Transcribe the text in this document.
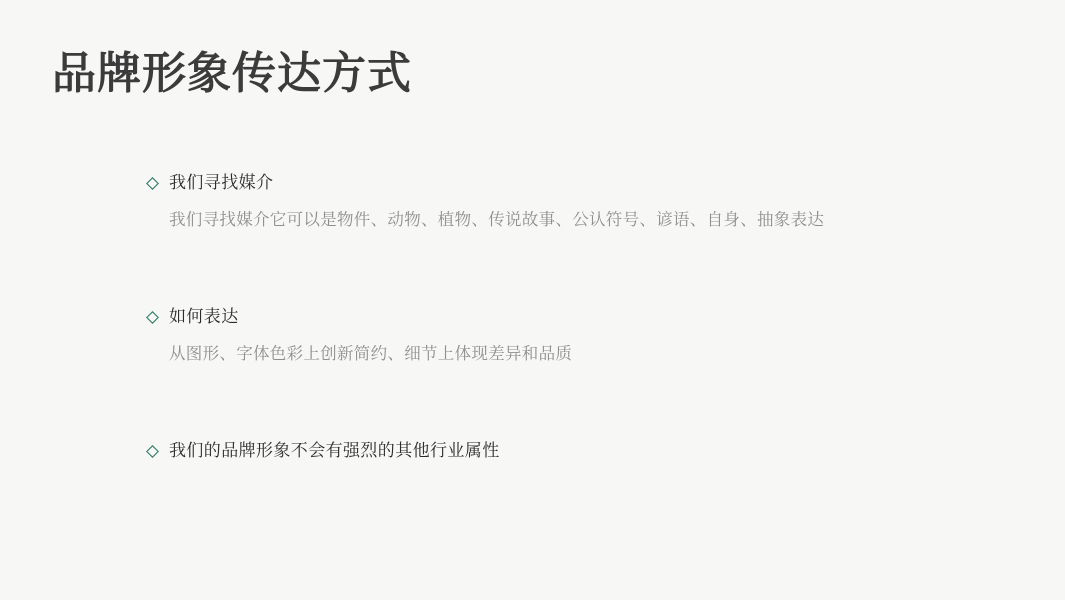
品牌形象传达方式
我们寻找媒介
我们寻找媒介它可以是物件、动物、植物、传说故事、公认符号、谚语、自身、抽象表达
如何表达
从图形、字体色彩上创新简约、细节上体现差异和品质
我们的品牌形象不会有强烈的其他行业属性
